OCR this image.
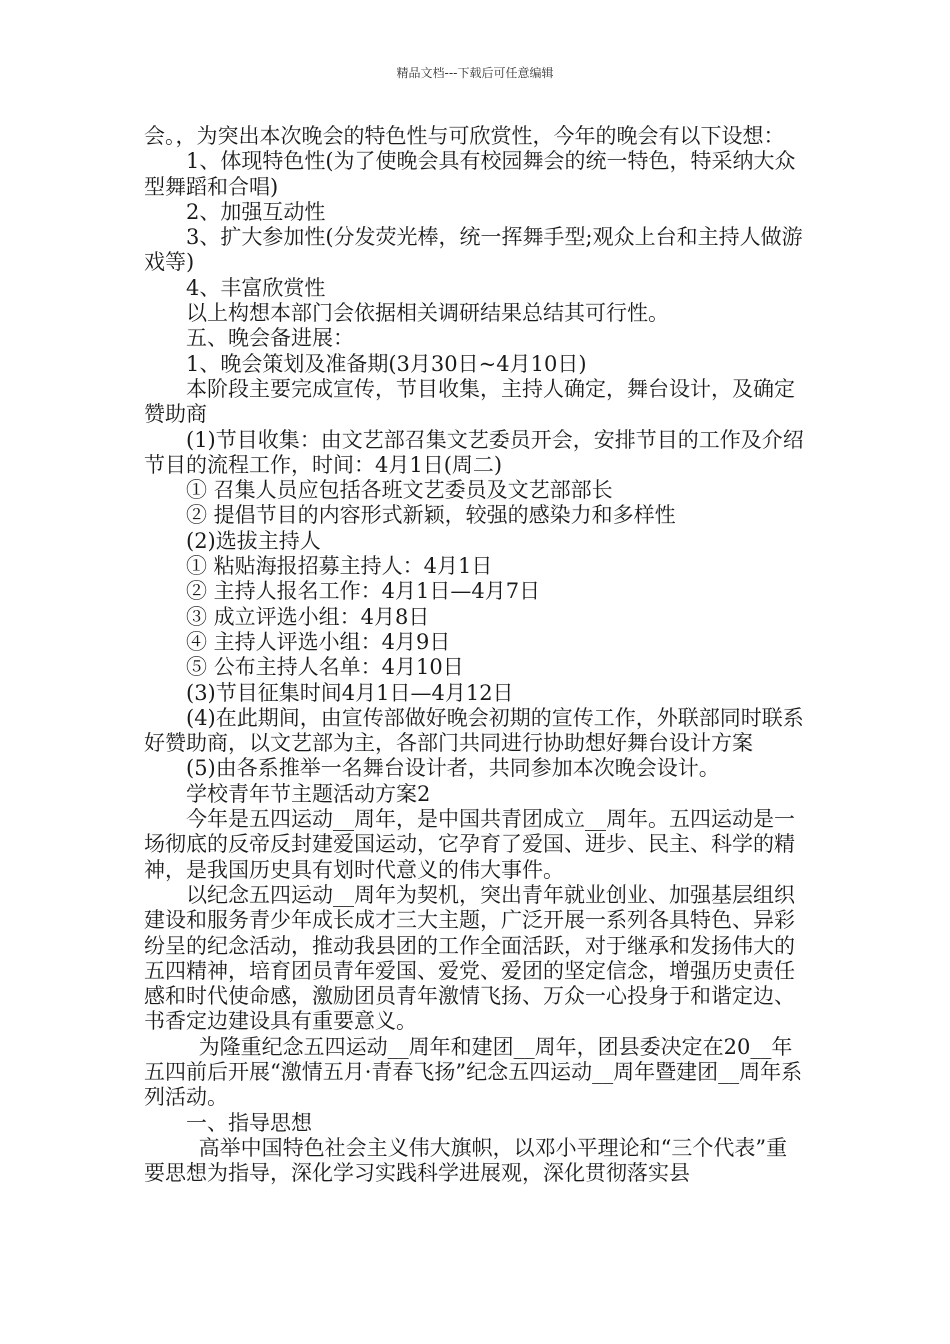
精品文档---下载后可任意编辑

会。，为突出本次晚会的特色性与可欣赏性，今年的晚会有以下设想：

1、体现特色性(为了使晚会具有校园舞会的统一特色，特采纳大众型舞蹈和合唱)

2、加强互动性

3、扩大参加性(分发荧光棒，统一挥舞手型;观众上台和主持人做游戏等)

4、丰富欣赏性

以上构想本部门会依据相关调研结果总结其可行性。

五、晚会备进展：

1、晚会策划及准备期(3月30日~4月10日)

本阶段主要完成宣传，节目收集，主持人确定，舞台设计，及确定赞助商

(1)节目收集：由文艺部召集文艺委员开会，安排节目的工作及介绍节目的流程工作，时间：4月1日(周二)

① 召集人员应包括各班文艺委员及文艺部部长

② 提倡节目的内容形式新颖，较强的感染力和多样性

(2)选拔主持人

① 粘贴海报招募主持人：4月1日

② 主持人报名工作：4月1日—4月7日

③ 成立评选小组：4月8日

④ 主持人评选小组：4月9日

⑤ 公布主持人名单：4月10日

(3)节目征集时间4月1日—4月12日

(4)在此期间，由宣传部做好晚会初期的宣传工作，外联部同时联系好赞助商，以文艺部为主，各部门共同进行协助想好舞台设计方案

(5)由各系推举一名舞台设计者，共同参加本次晚会设计。

学校青年节主题活动方案2

今年是五四运动__周年，是中国共青团成立__周年。五四运动是一场彻底的反帝反封建爱国运动，它孕育了爱国、进步、民主、科学的精神，是我国历史具有划时代意义的伟大事件。

以纪念五四运动__周年为契机，突出青年就业创业、加强基层组织建设和服务青少年成长成才三大主题，广泛开展一系列各具特色、异彩纷呈的纪念活动，推动我县团的工作全面活跃，对于继承和发扬伟大的五四精神，培育团员青年爱国、爱党、爱团的坚定信念，增强历史责任感和时代使命感，激励团员青年激情飞扬、万众一心投身于和谐定边、书香定边建设具有重要意义。

为隆重纪念五四运动__周年和建团__周年，团县委决定在20__年五四前后开展“激情五月·青春飞扬”纪念五四运动__周年暨建团__周年系列活动。

一、指导思想

高举中国特色社会主义伟大旗帜，以邓小平理论和“三个代表”重要思想为指导，深化学习实践科学进展观，深化贯彻落实县
